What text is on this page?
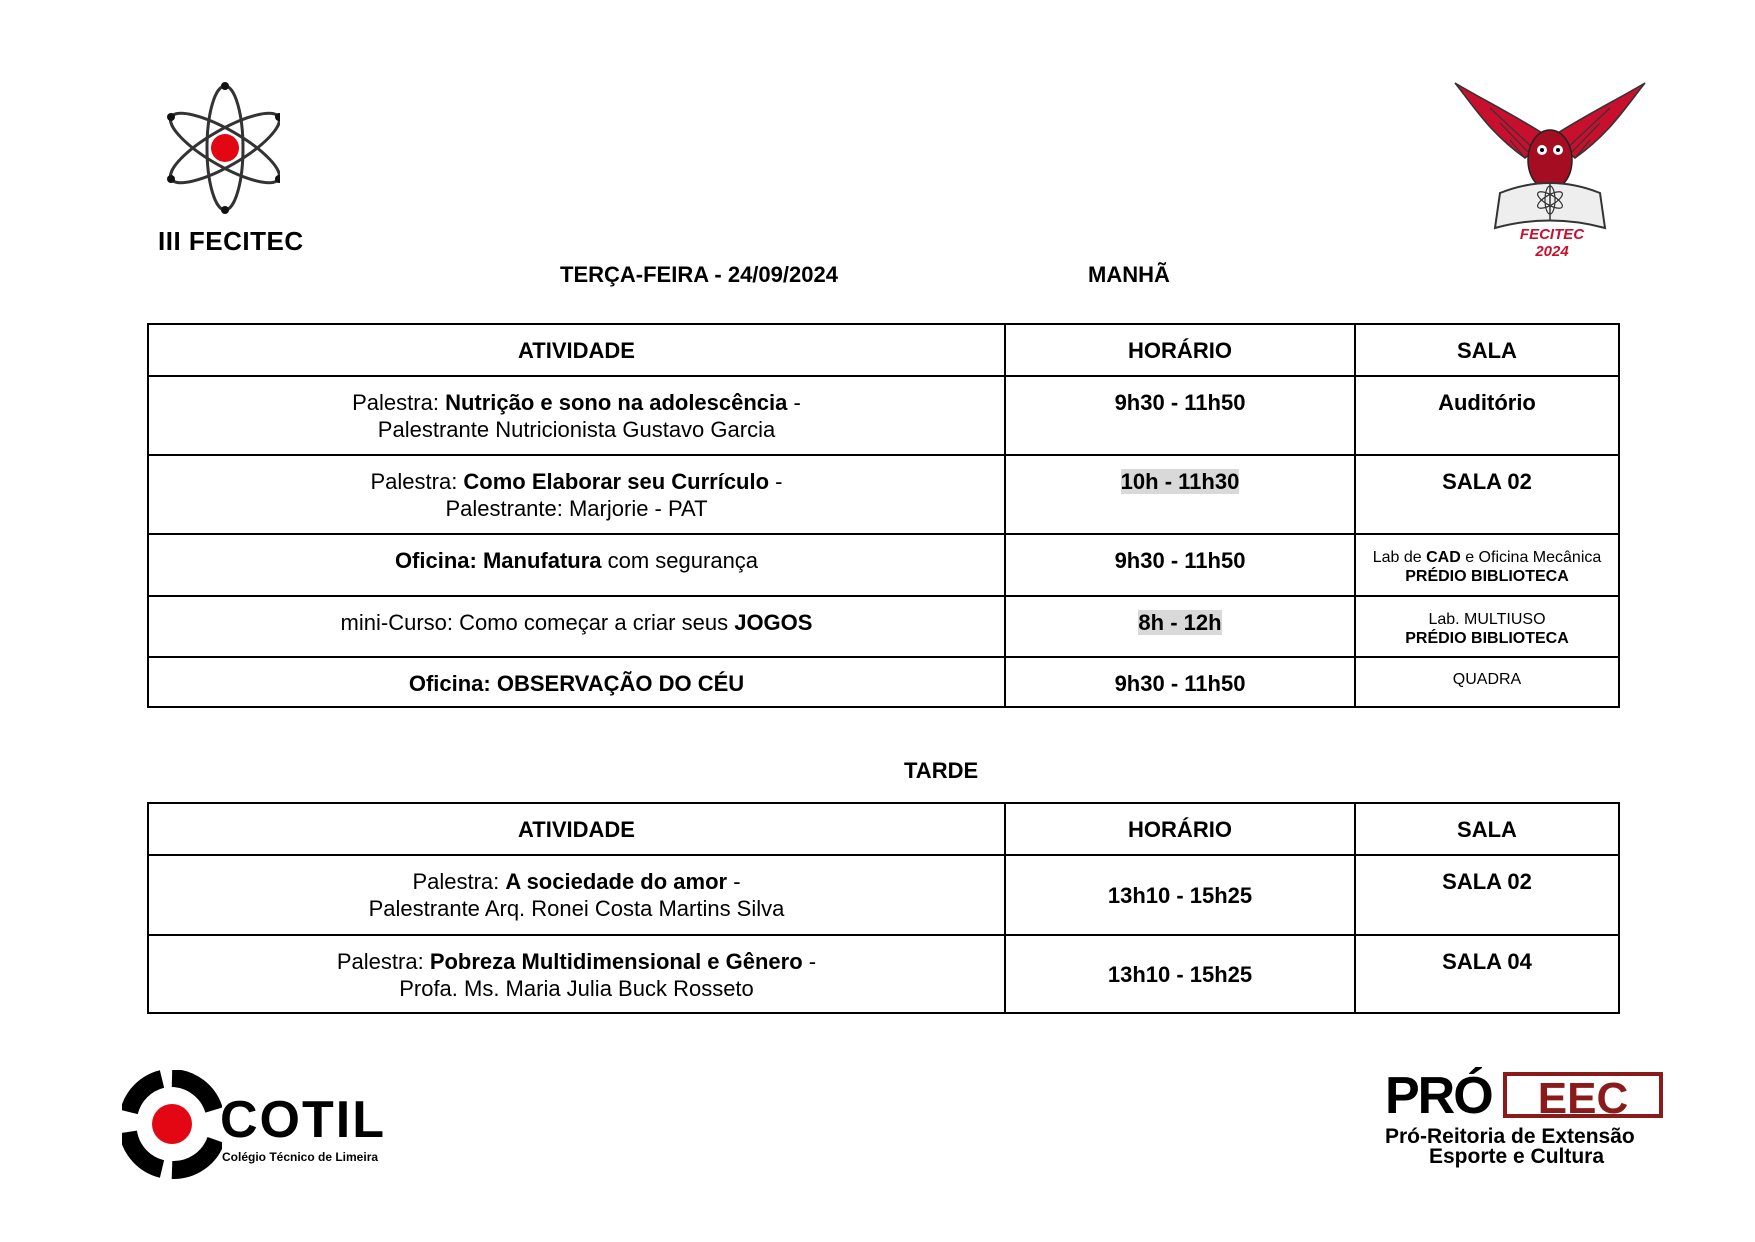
III FECITEC	FECITEC 2024
TERÇA-FEIRA - 24/09/2024	MANHÃ
ATIVIDADE	HORÁRIO	SALA

Palestra: Nutrição e sono na adolescência -
Palestrante Nutricionista Gustavo Garcia	9h30 - 11h50	Auditório

Palestra: Como Elaborar seu Currículo -
Palestrante: Marjorie - PAT	10h - 11h30	SALA 02

Oficina: Manufatura com segurança	9h30 - 11h50	Lab de CAD e Oficina Mecânica
PRÉDIO BIBLIOTECA

mini-Curso: Como começar a criar seus JOGOS	8h - 12h	Lab. MULTIUSO
PRÉDIO BIBLIOTECA

Oficina: OBSERVAÇÃO DO CÉU	9h30 - 11h50	QUADRA
TARDE
ATIVIDADE	HORÁRIO	SALA

Palestra: A sociedade do amor -
Palestrante Arq. Ronei Costa Martins Silva	13h10 - 15h25	SALA 02

Palestra: Pobreza Multidimensional e Gênero -
Profa. Ms. Maria Julia Buck Rosseto	13h10 - 15h25	SALA 04
COTIL
Colégio Técnico de Limeira
PRÓ	EEC
Pró-Reitoria de Extensão
Esporte e Cultura
